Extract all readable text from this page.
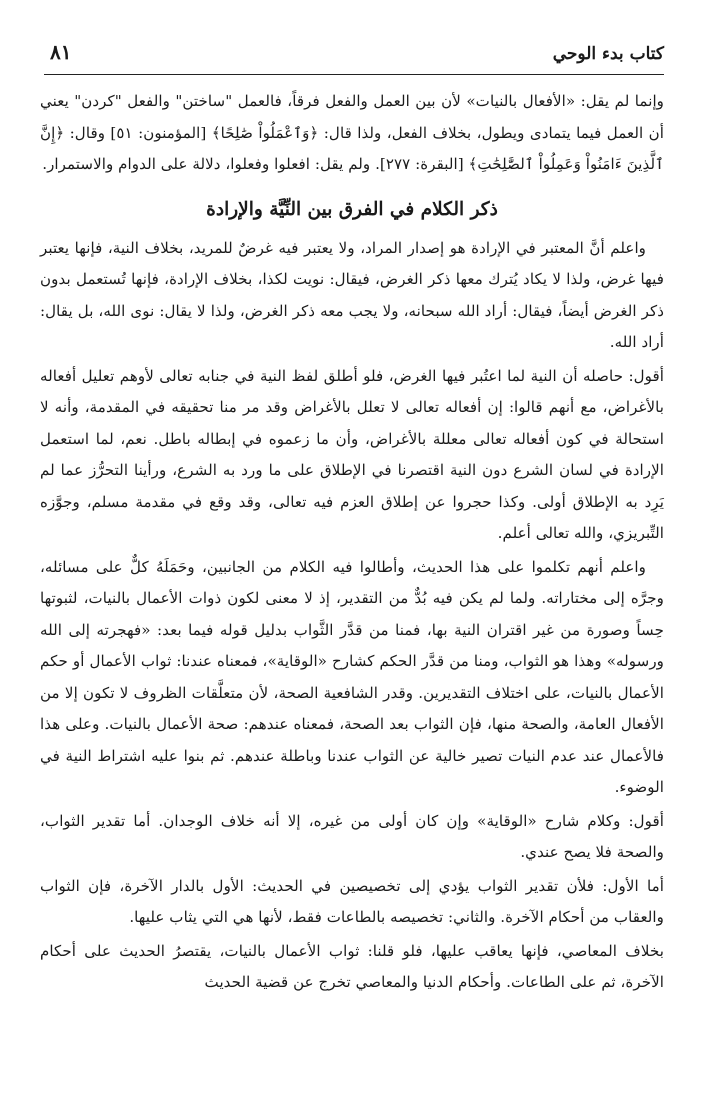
كتاب بدء الوحي
٨١

وإنما لم يقل: «الأفعال بالنيات» لأن بين العمل والفعل فرقاً، فالعمل "ساختن" والفعل "كردن" يعني أن العمل فيما يتمادى ويطول، بخلاف الفعل، ولذا قال: ﴿وَٱعْمَلُواْ صَٰلِحًا﴾ [المؤمنون: ٥١] وقال: ﴿إِنَّ ٱلَّذِينَ ءَامَنُواْ وَعَمِلُواْ ٱلصَّٰلِحَٰتِ﴾ [البقرة: ٢٧٧]. ولم يقل: افعلوا وفعلوا، دلالة على الدوام والاستمرار.

ذكر الكلام في الفرق بين النِّيَّة والإرادة

واعلم أنَّ المعتبر في الإرادة هو إصدار المراد، ولا يعتبر فيه غرضٌ للمريد، بخلاف النية، فإنها يعتبر فيها غرض، ولذا لا يكاد يُترك معها ذكر الغرض، فيقال: نويت لكذا، بخلاف الإرادة، فإنها تُستعمل بدون ذكر الغرض أيضاً، فيقال: أراد الله سبحانه، ولا يجب معه ذكر الغرض، ولذا لا يقال: نوى الله، بل يقال: أراد الله.

أقول: حاصله أن النية لما اعتُبر فيها الغرض، فلو أطلق لفظ النية في جنابه تعالى لأوهم تعليل أفعاله بالأغراض، مع أنهم قالوا: إن أفعاله تعالى لا تعلل بالأغراض وقد مر منا تحقيقه في المقدمة، وأنه لا استحالة في كون أفعاله تعالى معللة بالأغراض، وأن ما زعموه في إبطاله باطل. نعم، لما استعمل الإرادة في لسان الشرع دون النية اقتصرنا في الإطلاق على ما ورد به الشرع، ورأينا التحرُّز عما لم يَرِد به الإطلاق أولى. وكذا حجروا عن إطلاق العزم فيه تعالى، وقد وقع في مقدمة مسلم، وجوَّزه التِّبريزي، والله تعالى أعلم.

واعلم أنهم تكلموا على هذا الحديث، وأطالوا فيه الكلام من الجانبين، وحَمَلَهُ كلٌّ على مسائله، وجرَّه إلى مختاراته. ولما لم يكن فيه بُدٌّ من التقدير، إذ لا معنى لكون ذوات الأعمال بالنيات، لثبوتها حِساً وصورة من غير اقتران النية بها، فمنا من قدَّر الثَّواب بدليل قوله فيما بعد: «فهجرته إلى الله ورسوله» وهذا هو الثواب، ومنا من قدَّر الحكم كشارح «الوقاية»، فمعناه عندنا: ثواب الأعمال أو حكم الأعمال بالنيات، على اختلاف التقديرين. وقدر الشافعية الصحة، لأن متعلَّقات الظروف لا تكون إلا من الأفعال العامة، والصحة منها، فإن الثواب بعد الصحة، فمعناه عندهم: صحة الأعمال بالنيات. وعلى هذا فالأعمال عند عدم النيات تصير خالية عن الثواب عندنا وباطلة عندهم. ثم بنوا عليه اشتراط النية في الوضوء.

أقول: وكلام شارح «الوقاية» وإن كان أولى من غيره، إلا أنه خلاف الوجدان. أما تقدير الثواب، والصحة فلا يصح عندي.

أما الأول: فلأن تقدير الثواب يؤدي إلى تخصيصين في الحديث: الأول بالدار الآخرة، فإن الثواب والعقاب من أحكام الآخرة. والثاني: تخصيصه بالطاعات فقط، لأنها هي التي يثاب عليها.

بخلاف المعاصي، فإنها يعاقب عليها، فلو قلنا: ثواب الأعمال بالنيات، يقتصرُ الحديث على أحكام الآخرة، ثم على الطاعات. وأحكام الدنيا والمعاصي تخرج عن قضية الحديث
